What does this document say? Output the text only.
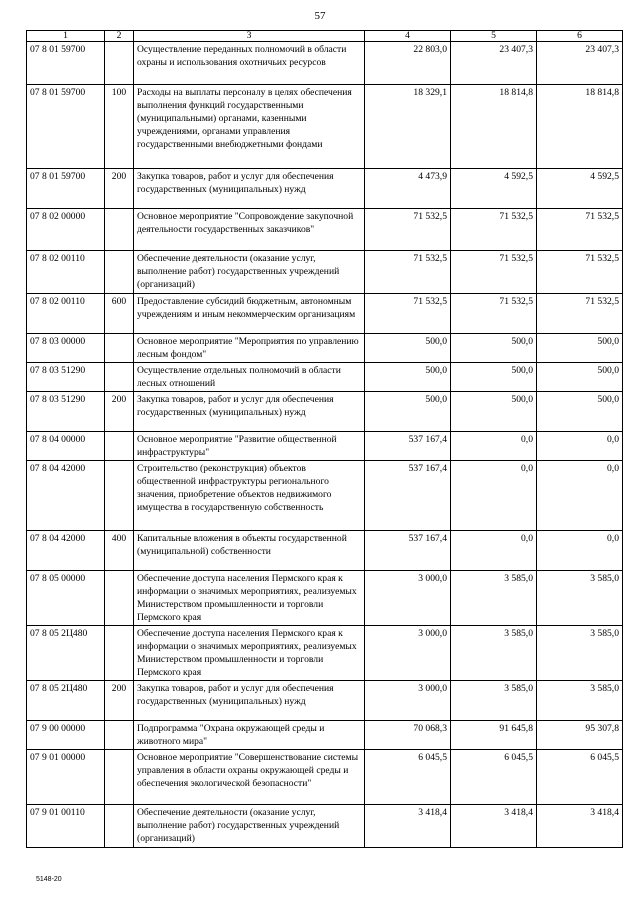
57
1	2	3	4	5	6
07 8 01 59700		Осуществление переданных полномочий в области охраны и использования охотничьих ресурсов	22 803,0	23 407,3	23 407,3
07 8 01 59700	100	Расходы на выплаты персоналу в целях обеспечения выполнения функций государственными (муниципальными) органами, казенными учреждениями, органами управления государственными внебюджетными фондами	18 329,1	18 814,8	18 814,8
07 8 01 59700	200	Закупка товаров, работ и услуг для обеспечения государственных (муниципальных) нужд	4 473,9	4 592,5	4 592,5
07 8 02 00000		Основное мероприятие "Сопровождение закупочной деятельности государственных заказчиков"	71 532,5	71 532,5	71 532,5
07 8 02 00110		Обеспечение деятельности (оказание услуг, выполнение работ) государственных учреждений (организаций)	71 532,5	71 532,5	71 532,5
07 8 02 00110	600	Предоставление субсидий бюджетным, автономным учреждениям и иным некоммерческим организациям	71 532,5	71 532,5	71 532,5
07 8 03 00000		Основное мероприятие "Мероприятия по управлению лесным фондом"	500,0	500,0	500,0
07 8 03 51290		Осуществление отдельных полномочий в области лесных отношений	500,0	500,0	500,0
07 8 03 51290	200	Закупка товаров, работ и услуг для обеспечения государственных (муниципальных) нужд	500,0	500,0	500,0
07 8 04 00000		Основное мероприятие "Развитие общественной инфраструктуры"	537 167,4	0,0	0,0
07 8 04 42000		Строительство (реконструкция) объектов общественной инфраструктуры регионального значения, приобретение объектов недвижимого имущества в государственную собственность	537 167,4	0,0	0,0
07 8 04 42000	400	Капитальные вложения в объекты государственной (муниципальной) собственности	537 167,4	0,0	0,0
07 8 05 00000		Обеспечение доступа населения Пермского края к информации о значимых мероприятиях, реализуемых Министерством промышленности и торговли Пермского края	3 000,0	3 585,0	3 585,0
07 8 05 2Ц480		Обеспечение доступа населения Пермского края к информации о значимых мероприятиях, реализуемых Министерством промышленности и торговли Пермского края	3 000,0	3 585,0	3 585,0
07 8 05 2Ц480	200	Закупка товаров, работ и услуг для обеспечения государственных (муниципальных) нужд	3 000,0	3 585,0	3 585,0
07 9 00 00000		Подпрограмма "Охрана окружающей среды и животного мира"	70 068,3	91 645,8	95 307,8
07 9 01 00000		Основное мероприятие "Совершенствование системы управления в области охраны окружающей среды и обеспечения экологической безопасности"	6 045,5	6 045,5	6 045,5
07 9 01 00110		Обеспечение деятельности (оказание услуг, выполнение работ) государственных учреждений (организаций)	3 418,4	3 418,4	3 418,4
5148-20
